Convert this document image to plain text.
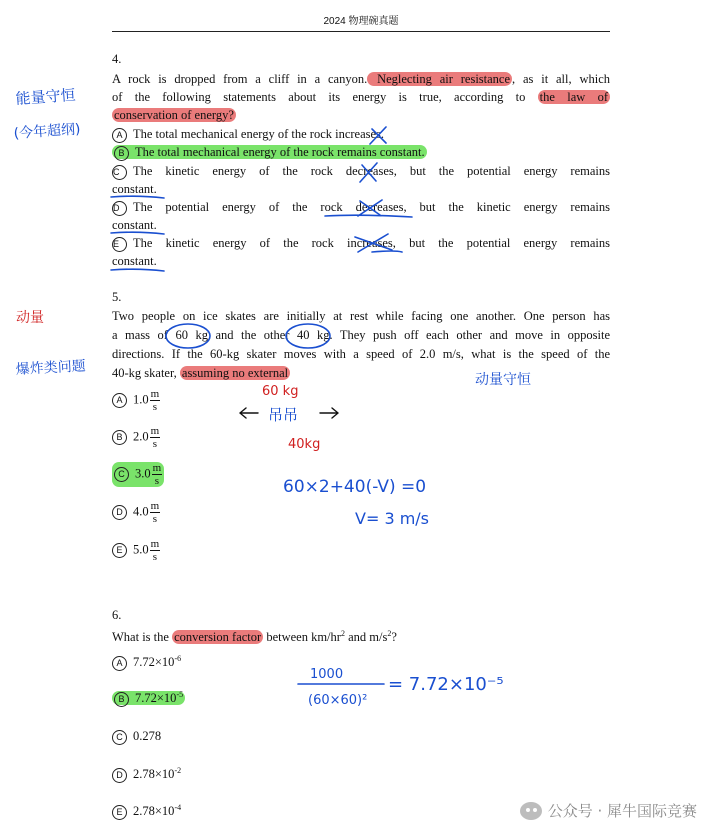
2024 物理碗真题
4.
A rock is dropped from a cliff in a canyon. Neglecting air resistance , as it all, which
of the following statements about its energy is true, according to the law of
conservation of energy?
A The total mechanical energy of the rock increases.
B The total mechanical energy of the rock remains constant.
C The kinetic energy of the rock decreases, but the potential energy remains
constant.
D The potential energy of the rock decreases, but the kinetic energy remains
constant.
E The kinetic energy of the rock increases, but the potential energy remains
constant.
5.
Two people on ice skates are initially at rest while facing one another. One person has
a mass of 60 kg and the other 40 kg. They push off each other and move in opposite
directions. If the 60-kg skater moves with a speed of 2.0 m/s, what is the speed of the
40-kg skater, assuming no external
A $1.0 \frac{m}{s}$
B $2.0 \frac{m}{s}$
C $3.0 \frac{m}{s}$
D $4.0 \frac{m}{s}$
E $5.0 \frac{m}{s}$
6.
What is the conversion factor between $km/hr^2$ and $m/s^2$?
A $7.72\times 10^{-6}$
B $7.72\times 10^{-5}$
C 0.278
D $2.78\times 10^{-2}$
E $2.78\times 10^{-4}$
能量守恒
(今年超纲)
动量
爆炸类问题
动量守恒
60 kg
吊吊
40kg
60×2+40(-V) =0
V= 3 m/s
1000
(60×60)²
= 7.72×10⁻⁵
公众号 · 犀牛国际竞赛
